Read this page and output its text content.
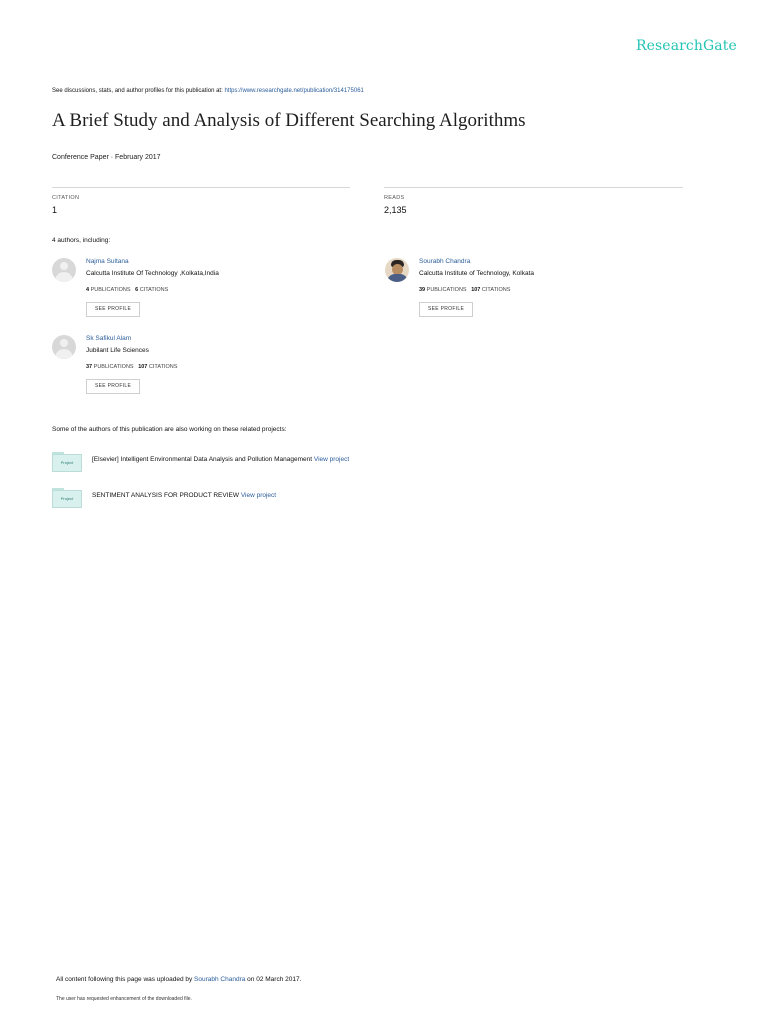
ResearchGate
See discussions, stats, and author profiles for this publication at: https://www.researchgate.net/publication/314175061
A Brief Study and Analysis of Different Searching Algorithms
Conference Paper · February 2017
CITATION
1
READS
2,135
4 authors, including:
Najma Sultana
Calcutta Institute Of Technology ,Kolkata,India
4 PUBLICATIONS 6 CITATIONS
SEE PROFILE
Sourabh Chandra
Calcutta Institute of Technology, Kolkata
39 PUBLICATIONS 107 CITATIONS
SEE PROFILE
Sk Safikul Alam
Jubilant Life Sciences
37 PUBLICATIONS 107 CITATIONS
SEE PROFILE
Some of the authors of this publication are also working on these related projects:
Project	[Elsevier] Intelligent Environmental Data Analysis and Pollution Management View project
Project	SENTIMENT ANALYSIS FOR PRODUCT REVIEW View project
All content following this page was uploaded by Sourabh Chandra on 02 March 2017.
The user has requested enhancement of the downloaded file.
